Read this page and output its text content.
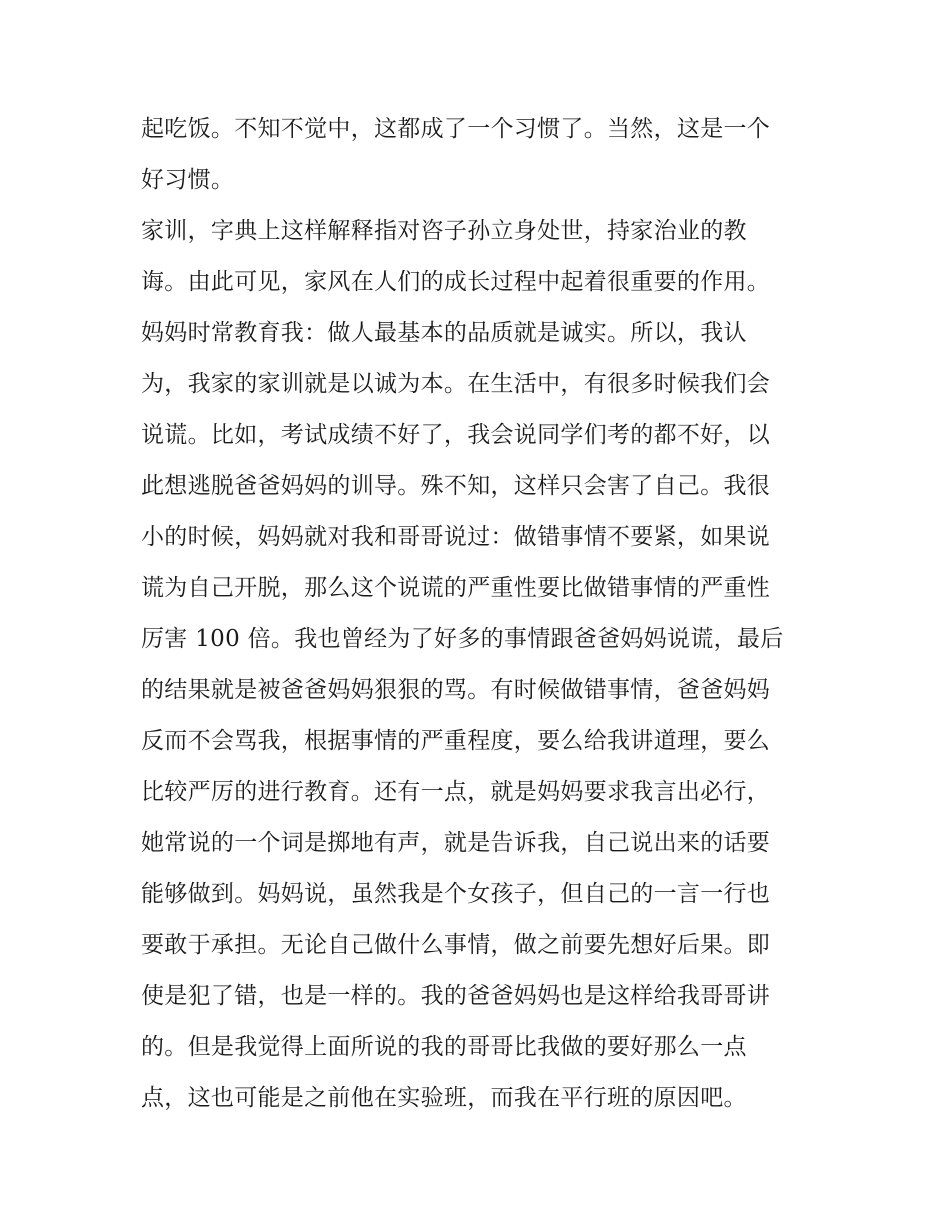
起吃饭。不知不觉中，这都成了一个习惯了。当然，这是一个
好习惯。
家训，字典上这样解释指对咨子孙立身处世，持家治业的教
诲。由此可见，家风在人们的成长过程中起着很重要的作用。
妈妈时常教育我：做人最基本的品质就是诚实。所以，我认
为，我家的家训就是以诚为本。在生活中，有很多时候我们会
说谎。比如，考试成绩不好了，我会说同学们考的都不好，以
此想逃脱爸爸妈妈的训导。殊不知，这样只会害了自己。我很
小的时候，妈妈就对我和哥哥说过：做错事情不要紧，如果说
谎为自己开脱，那么这个说谎的严重性要比做错事情的严重性
厉害 100 倍。我也曾经为了好多的事情跟爸爸妈妈说谎，最后
的结果就是被爸爸妈妈狠狠的骂。有时候做错事情，爸爸妈妈
反而不会骂我，根据事情的严重程度，要么给我讲道理，要么
比较严厉的进行教育。还有一点，就是妈妈要求我言出必行，
她常说的一个词是掷地有声，就是告诉我，自己说出来的话要
能够做到。妈妈说，虽然我是个女孩子，但自己的一言一行也
要敢于承担。无论自己做什么事情，做之前要先想好后果。即
使是犯了错，也是一样的。我的爸爸妈妈也是这样给我哥哥讲
的。但是我觉得上面所说的我的哥哥比我做的要好那么一点
点，这也可能是之前他在实验班，而我在平行班的原因吧。
